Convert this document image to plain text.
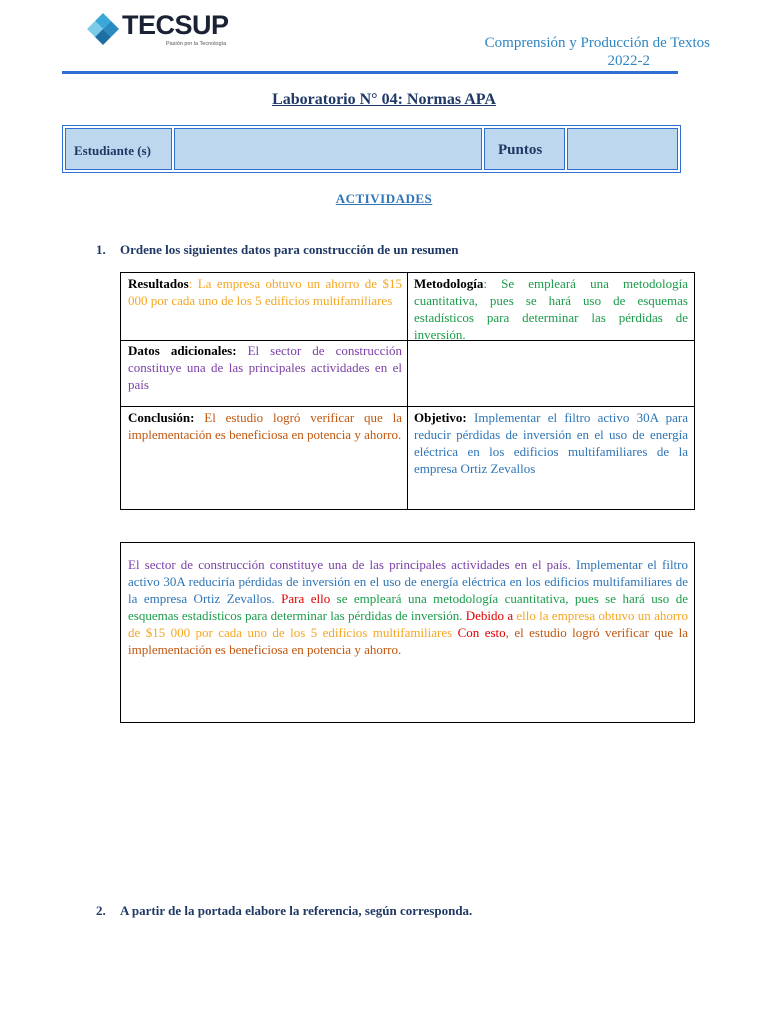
TECSUP
Pasión por la Tecnología	Comprensión y Producción de Textos
2022-2
Laboratorio N° 04: Normas APA
Estudiante (s)	Puntos
ACTIVIDADES
1. Ordene los siguientes datos para construcción de un resumen
Resultados: La empresa obtuvo un ahorro de $15 000 por cada uno de los 5 edificios multifamiliares
Metodología: Se empleará una metodología cuantitativa, pues se hará uso de esquemas estadísticos para determinar las pérdidas de inversión.
Datos adicionales: El sector de construcción constituye una de las principales actividades en el país
Conclusión: El estudio logró verificar que la implementación es beneficiosa en potencia y ahorro.
Objetivo: Implementar el filtro activo 30A para reducir pérdidas de inversión en el uso de energía eléctrica en los edificios multifamiliares de la empresa Ortiz Zevallos
El sector de construcción constituye una de las principales actividades en el país. Implementar el filtro activo 30A reduciría pérdidas de inversión en el uso de energía eléctrica en los edificios multifamiliares de la empresa Ortiz Zevallos. Para ello se empleará una metodología cuantitativa, pues se hará uso de esquemas estadísticos para determinar las pérdidas de inversión. Debido a ello la empresa obtuvo un ahorro de $15 000 por cada uno de los 5 edificios multifamiliares Con esto, el estudio logró verificar que la implementación es beneficiosa en potencia y ahorro.
2. A partir de la portada elabore la referencia, según corresponda.
